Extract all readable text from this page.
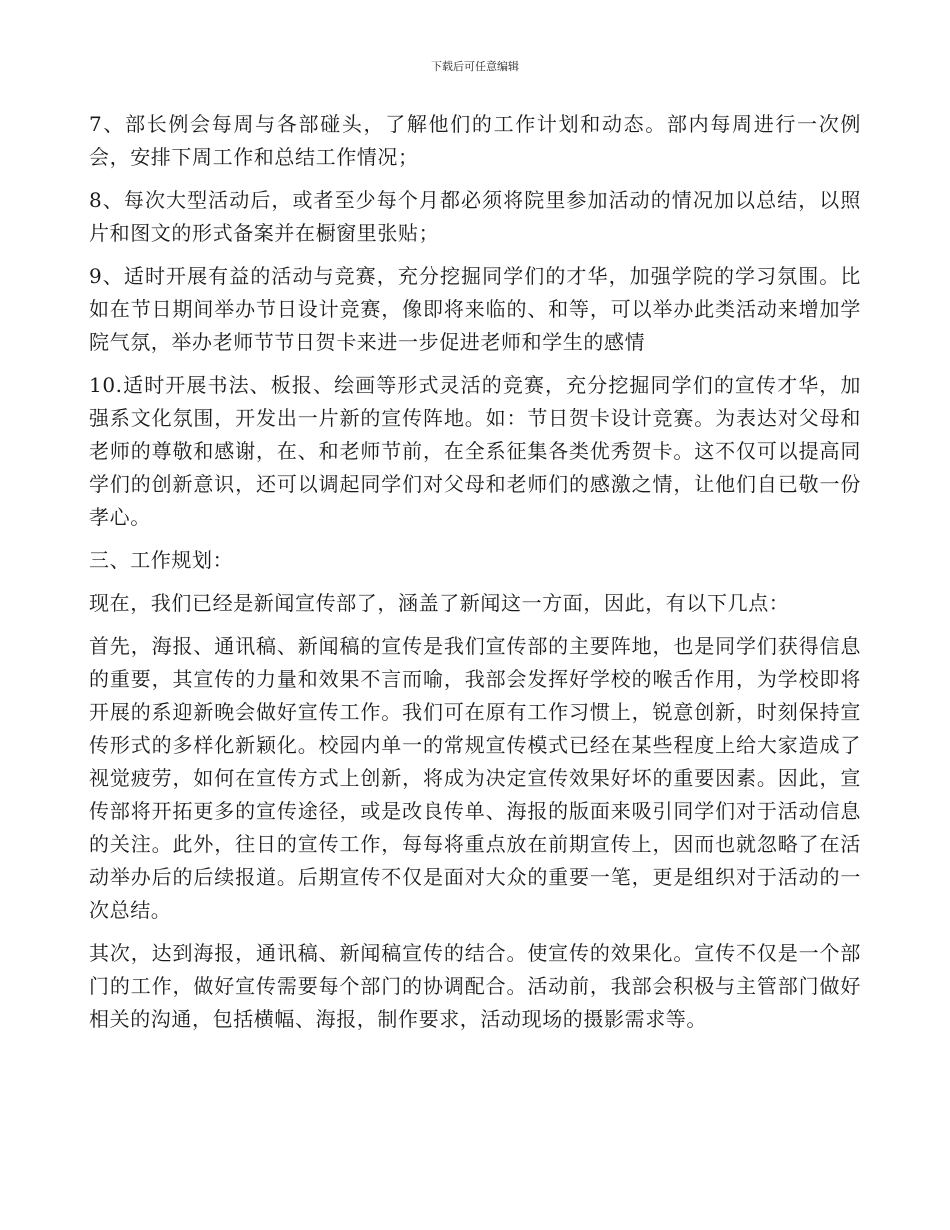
下载后可任意编辑

7、部长例会每周与各部碰头，了解他们的工作计划和动态。部内每周进行一次例会，安排下周工作和总结工作情况；

8、每次大型活动后，或者至少每个月都必须将院里参加活动的情况加以总结，以照片和图文的形式备案并在橱窗里张贴；

9、适时开展有益的活动与竞赛，充分挖掘同学们的才华，加强学院的学习氛围。比如在节日期间举办节日设计竞赛，像即将来临的、和等，可以举办此类活动来增加学院气氛，举办老师节节日贺卡来进一步促进老师和学生的感情

10.适时开展书法、板报、绘画等形式灵活的竞赛，充分挖掘同学们的宣传才华，加强系文化氛围，开发出一片新的宣传阵地。如：节日贺卡设计竞赛。为表达对父母和老师的尊敬和感谢，在、和老师节前，在全系征集各类优秀贺卡。这不仅可以提高同学们的创新意识，还可以调起同学们对父母和老师们的感激之情，让他们自已敬一份孝心。

三、工作规划：

现在，我们已经是新闻宣传部了，涵盖了新闻这一方面，因此，有以下几点：

首先，海报、通讯稿、新闻稿的宣传是我们宣传部的主要阵地，也是同学们获得信息的重要，其宣传的力量和效果不言而喻，我部会发挥好学校的喉舌作用，为学校即将开展的系迎新晚会做好宣传工作。我们可在原有工作习惯上，锐意创新，时刻保持宣传形式的多样化新颖化。校园内单一的常规宣传模式已经在某些程度上给大家造成了视觉疲劳，如何在宣传方式上创新，将成为决定宣传效果好坏的重要因素。因此，宣传部将开拓更多的宣传途径，或是改良传单、海报的版面来吸引同学们对于活动信息的关注。此外，往日的宣传工作，每每将重点放在前期宣传上，因而也就忽略了在活动举办后的后续报道。后期宣传不仅是面对大众的重要一笔，更是组织对于活动的一次总结。

其次，达到海报，通讯稿、新闻稿宣传的结合。使宣传的效果化。宣传不仅是一个部门的工作，做好宣传需要每个部门的协调配合。活动前，我部会积极与主管部门做好相关的沟通，包括横幅、海报，制作要求，活动现场的摄影需求等。
